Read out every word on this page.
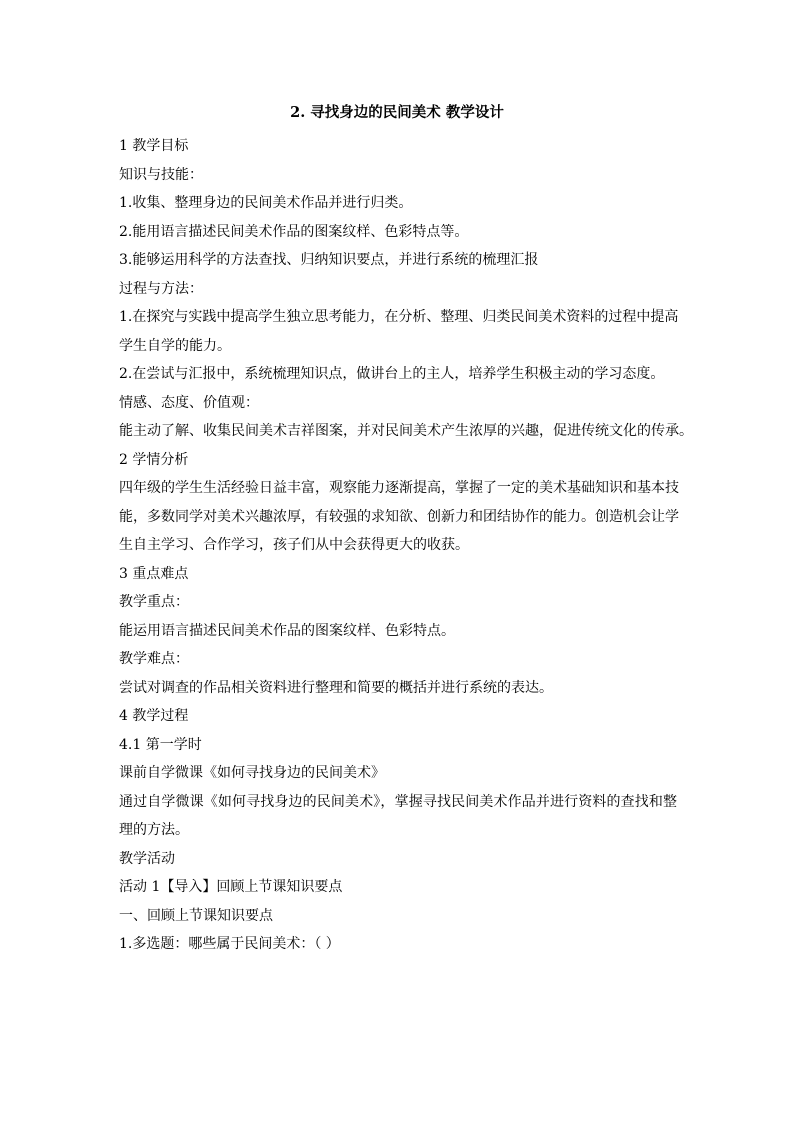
2. 寻找身边的民间美术 教学设计
1 教学目标
知识与技能：
1.收集、整理身边的民间美术作品并进行归类。
2.能用语言描述民间美术作品的图案纹样、色彩特点等。
3.能够运用科学的方法查找、归纳知识要点，并进行系统的梳理汇报
过程与方法：
1.在探究与实践中提高学生独立思考能力，在分析、整理、归类民间美术资料的过程中提高
学生自学的能力。
2.在尝试与汇报中，系统梳理知识点，做讲台上的主人，培养学生积极主动的学习态度。
情感、态度、价值观：
能主动了解、收集民间美术吉祥图案，并对民间美术产生浓厚的兴趣，促进传统文化的传承。
2 学情分析
四年级的学生生活经验日益丰富，观察能力逐渐提高，掌握了一定的美术基础知识和基本技
能，多数同学对美术兴趣浓厚，有较强的求知欲、创新力和团结协作的能力。创造机会让学
生自主学习、合作学习，孩子们从中会获得更大的收获。
3 重点难点
教学重点：
能运用语言描述民间美术作品的图案纹样、色彩特点。
教学难点：
尝试对调查的作品相关资料进行整理和简要的概括并进行系统的表达。
4 教学过程
4.1 第一学时
课前自学微课《如何寻找身边的民间美术》
通过自学微课《如何寻找身边的民间美术》，掌握寻找民间美术作品并进行资料的查找和整
理的方法。
教学活动
活动 1【导入】回顾上节课知识要点
一、回顾上节课知识要点
1.多选题：哪些属于民间美术：（ ）
